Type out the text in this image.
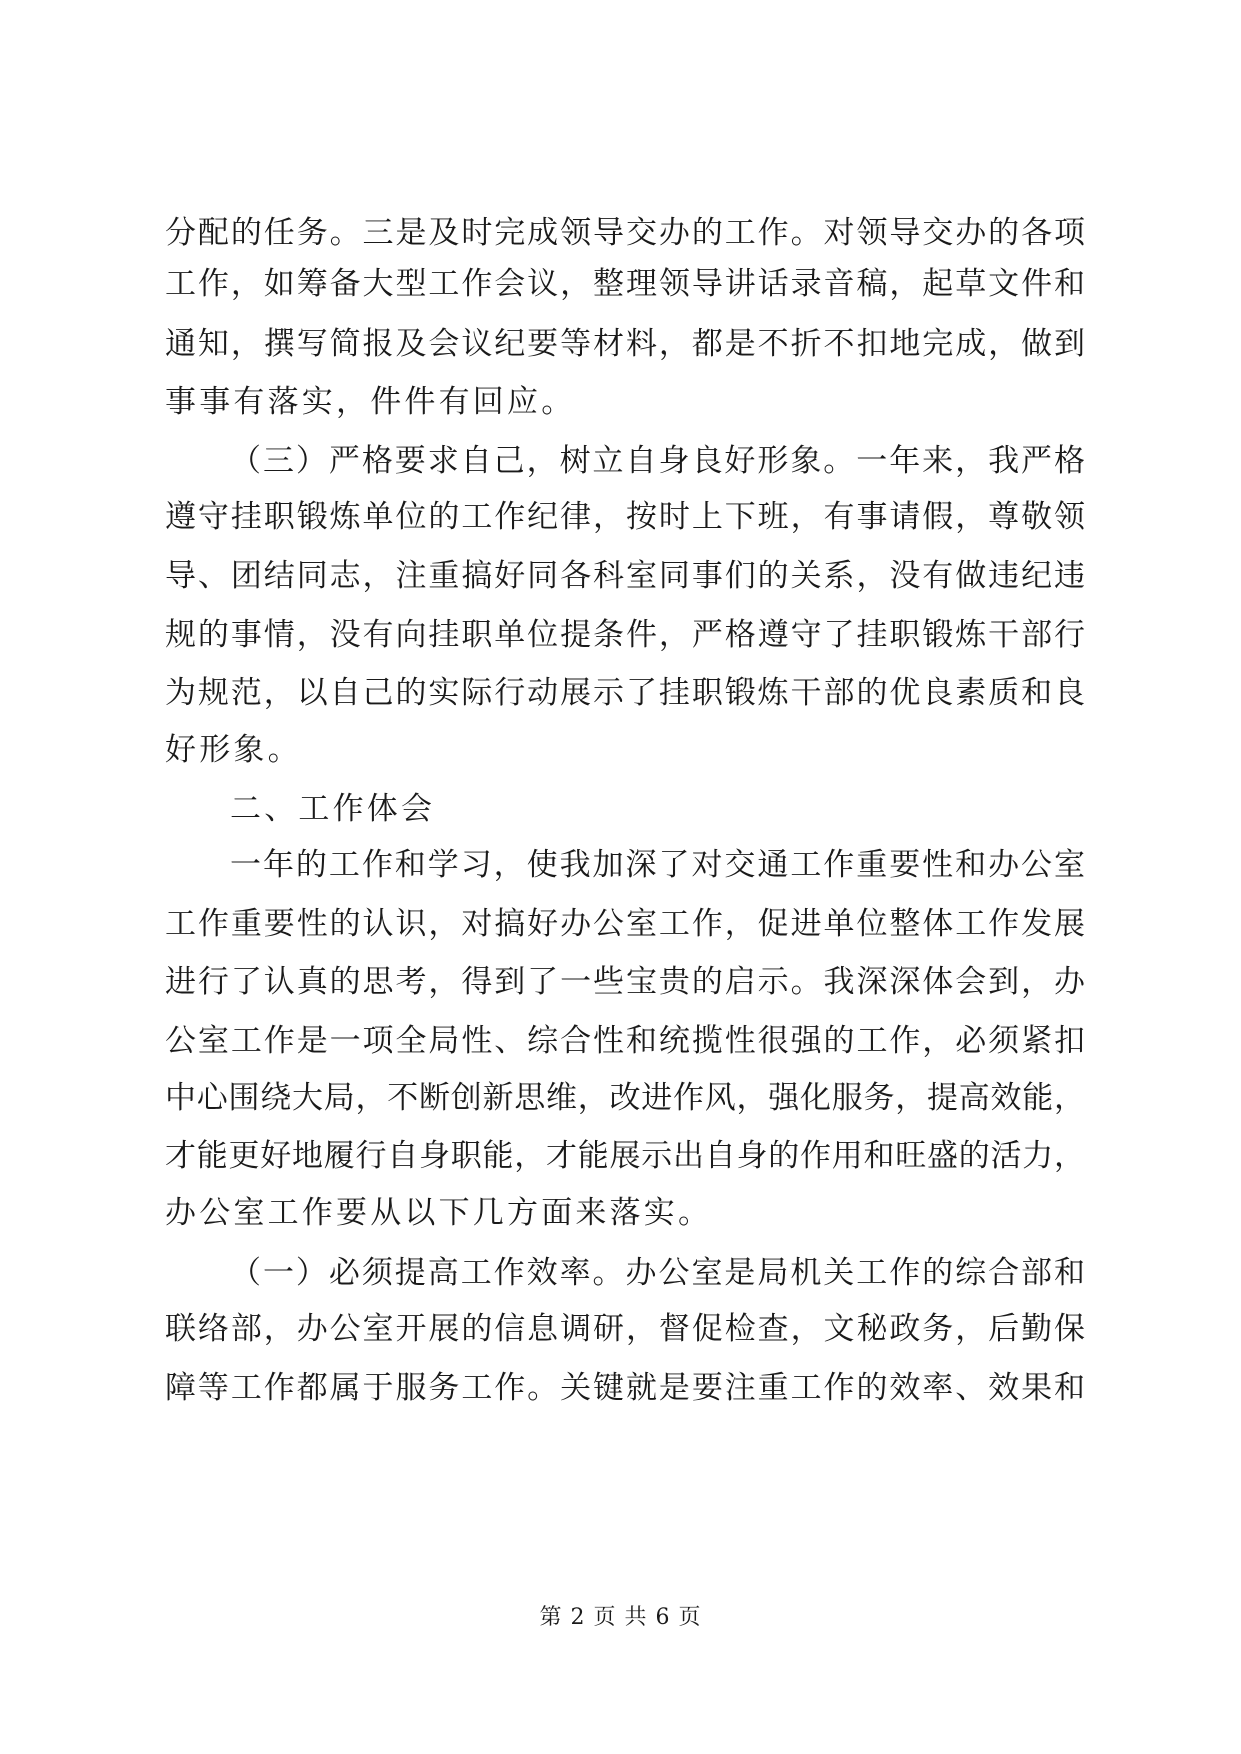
分配的任务。三是及时完成领导交办的工作。对领导交办的各项
工作，如筹备大型工作会议，整理领导讲话录音稿，起草文件和
通知，撰写简报及会议纪要等材料，都是不折不扣地完成，做到
事事有落实，件件有回应。
（三）严格要求自己，树立自身良好形象。一年来，我严格
遵守挂职锻炼单位的工作纪律，按时上下班，有事请假，尊敬领
导、团结同志，注重搞好同各科室同事们的关系，没有做违纪违
规的事情，没有向挂职单位提条件，严格遵守了挂职锻炼干部行
为规范，以自己的实际行动展示了挂职锻炼干部的优良素质和良
好形象。
二、工作体会
一年的工作和学习，使我加深了对交通工作重要性和办公室
工作重要性的认识，对搞好办公室工作，促进单位整体工作发展
进行了认真的思考，得到了一些宝贵的启示。我深深体会到，办
公室工作是一项全局性、综合性和统揽性很强的工作，必须紧扣
中心围绕大局，不断创新思维，改进作风，强化服务，提高效能，
才能更好地履行自身职能，才能展示出自身的作用和旺盛的活力，
办公室工作要从以下几方面来落实。
（一）必须提高工作效率。办公室是局机关工作的综合部和
联络部，办公室开展的信息调研，督促检查，文秘政务，后勤保
障等工作都属于服务工作。关键就是要注重工作的效率、效果和
第 2 页 共 6 页
